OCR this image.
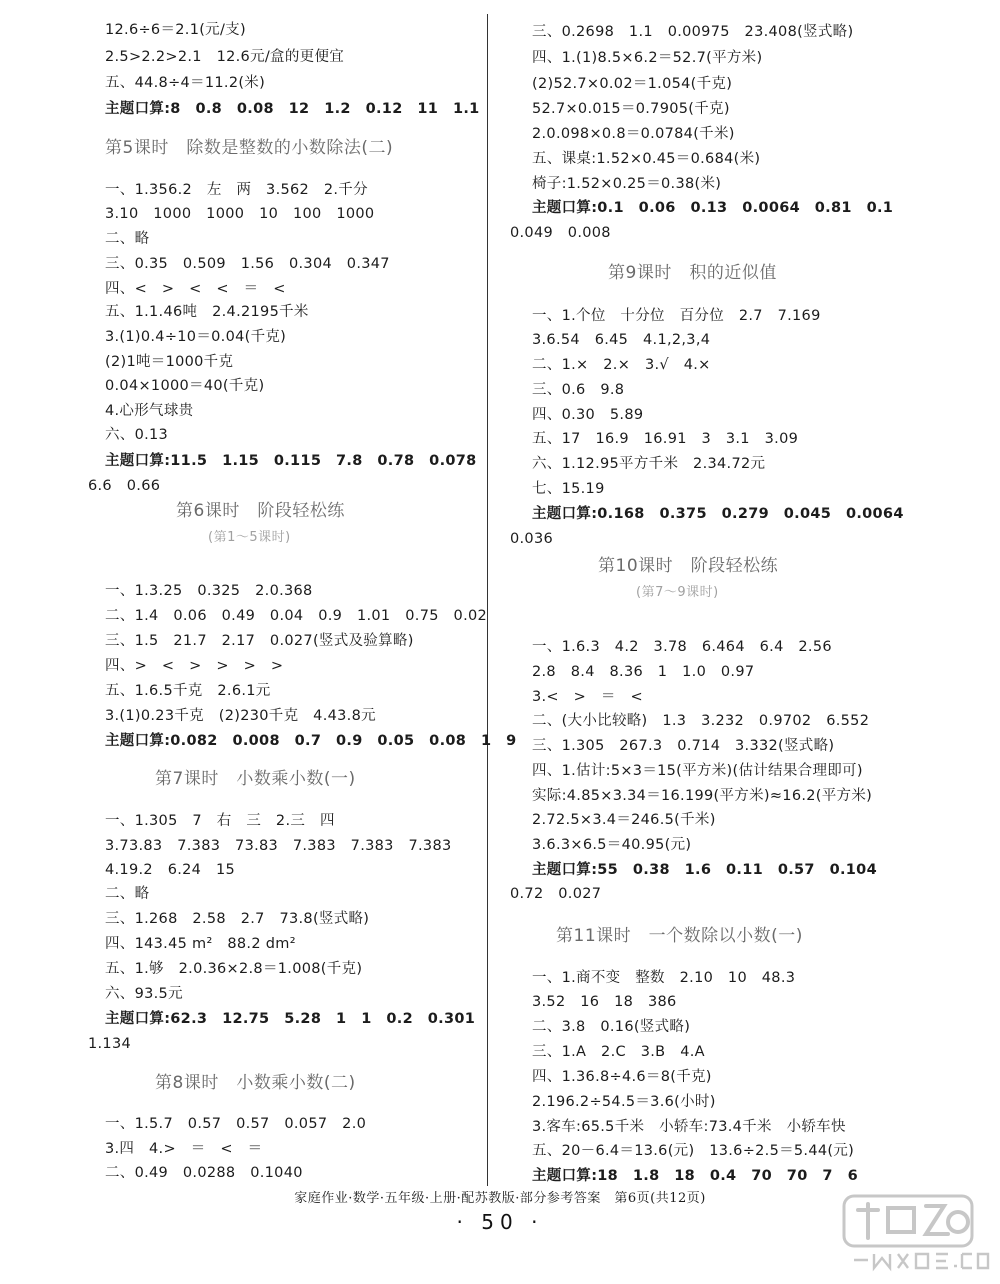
12.6÷6＝2.1(元/支)
2.5>2.2>2.1　12.6元/盒的更便宜
五、44.8÷4＝11.2(米)
主题口算:8　0.8　0.08　12　1.2　0.12　11　1.1
第5课时　除数是整数的小数除法(二)
一、1.356.2　左　两　3.562　2.千分
3.10　1000　1000　10　100　1000
二、略
三、0.35　0.509　1.56　0.304　0.347
四、<　>　<　<　＝　<
五、1.1.46吨　2.4.2195千米
3.(1)0.4÷10＝0.04(千克)
(2)1吨＝1000千克
0.04×1000＝40(千克)
4.心形气球贵
六、0.13
主题口算:11.5　1.15　0.115　7.8　0.78　0.078
6.6　0.66
第6课时　阶段轻松练
(第1～5课时)
一、1.3.25　0.325　2.0.368
二、1.4　0.06　0.49　0.04　0.9　1.01　0.75　0.02
三、1.5　21.7　2.17　0.027(竖式及验算略)
四、>　<　>　>　>　>
五、1.6.5千克　2.6.1元
3.(1)0.23千克　(2)230千克　4.43.8元
主题口算:0.082　0.008　0.7　0.9　0.05　0.08　1　9
第7课时　小数乘小数(一)
一、1.305　7　右　三　2.三　四
3.73.83　7.383　73.83　7.383　7.383　7.383
4.19.2　6.24　15
二、略
三、1.268　2.58　2.7　73.8(竖式略)
四、143.45 m²　88.2 dm²
五、1.够　2.0.36×2.8＝1.008(千克)
六、93.5元
主题口算:62.3　12.75　5.28　1　1　0.2　0.301
1.134
第8课时　小数乘小数(二)
一、1.5.7　0.57　0.57　0.057　2.0
3.四　4.>　＝　<　＝
二、0.49　0.0288　0.1040
三、0.2698　1.1　0.00975　23.408(竖式略)
四、1.(1)8.5×6.2＝52.7(平方米)
(2)52.7×0.02＝1.054(千克)
52.7×0.015＝0.7905(千克)
2.0.098×0.8＝0.0784(千米)
五、课桌:1.52×0.45＝0.684(米)
椅子:1.52×0.25＝0.38(米)
主题口算:0.1　0.06　0.13　0.0064　0.81　0.1
0.049　0.008
第9课时　积的近似值
一、1.个位　十分位　百分位　2.7　7.169
3.6.54　6.45　4.1,2,3,4
二、1.×　2.×　3.√　4.×
三、0.6　9.8
四、0.30　5.89
五、17　16.9　16.91　3　3.1　3.09
六、1.12.95平方千米　2.34.72元
七、15.19
主题口算:0.168　0.375　0.279　0.045　0.0064
0.036
第10课时　阶段轻松练
(第7～9课时)
一、1.6.3　4.2　3.78　6.464　6.4　2.56
2.8　8.4　8.36　1　1.0　0.97
3.<　>　＝　<
二、(大小比较略)　1.3　3.232　0.9702　6.552
三、1.305　267.3　0.714　3.332(竖式略)
四、1.估计:5×3＝15(平方米)(估计结果合理即可)
实际:4.85×3.34＝16.199(平方米)≈16.2(平方米)
2.72.5×3.4＝246.5(千米)
3.6.3×6.5＝40.95(元)
主题口算:55　0.38　1.6　0.11　0.57　0.104
0.72　0.027
第11课时　一个数除以小数(一)
一、1.商不变　整数　2.10　10　48.3
3.52　16　18　386
二、3.8　0.16(竖式略)
三、1.A　2.C　3.B　4.A
四、1.36.8÷4.6＝8(千克)
2.196.2÷54.5＝3.6(小时)
3.客车:65.5千米　小轿车:73.4千米　小轿车快
五、20－6.4＝13.6(元)　13.6÷2.5＝5.44(元)
主题口算:18　1.8　18　0.4　70　70　7　6
家庭作业·数学·五年级·上册·配苏教版·部分参考答案　第6页(共12页)
· 50 ·
